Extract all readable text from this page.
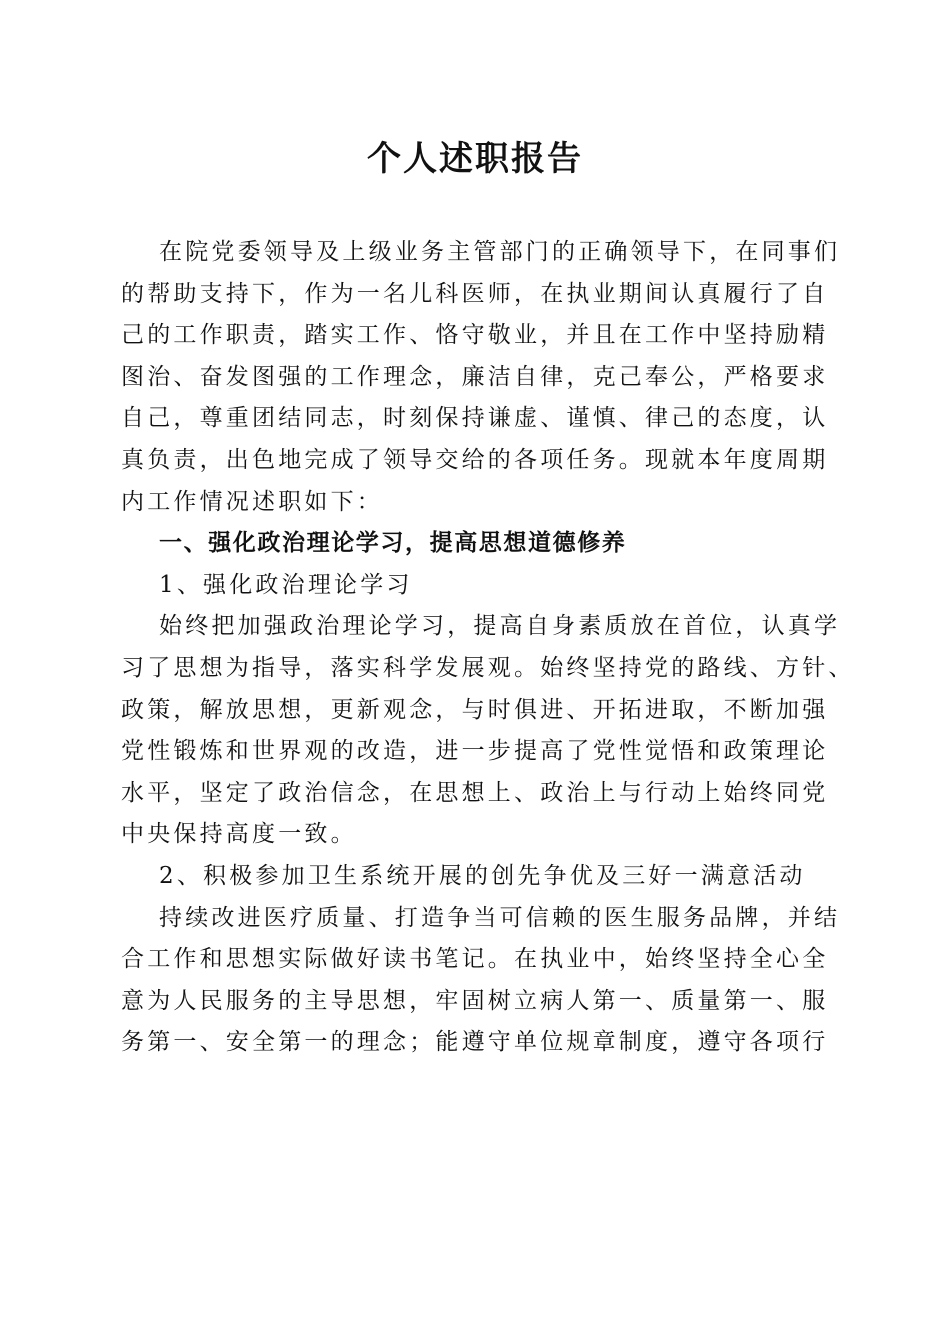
个人述职报告
在院党委领导及上级业务主管部门的正确领导下，在同事们
的帮助支持下，作为一名儿科医师，在执业期间认真履行了自
己的工作职责，踏实工作、恪守敬业，并且在工作中坚持励精
图治、奋发图强的工作理念，廉洁自律，克己奉公，严格要求
自己，尊重团结同志，时刻保持谦虚、谨慎、律己的态度，认
真负责，出色地完成了领导交给的各项任务。现就本年度周期
内工作情况述职如下：
一、强化政治理论学习，提高思想道德修养
1、强化政治理论学习
始终把加强政治理论学习，提高自身素质放在首位，认真学
习了思想为指导，落实科学发展观。始终坚持党的路线、方针、
政策，解放思想，更新观念，与时俱进、开拓进取，不断加强
党性锻炼和世界观的改造，进一步提高了党性觉悟和政策理论
水平，坚定了政治信念，在思想上、政治上与行动上始终同党
中央保持高度一致。
2、积极参加卫生系统开展的创先争优及三好一满意活动
持续改进医疗质量、打造争当可信赖的医生服务品牌，并结
合工作和思想实际做好读书笔记。在执业中，始终坚持全心全
意为人民服务的主导思想，牢固树立病人第一、质量第一、服
务第一、安全第一的理念；能遵守单位规章制度，遵守各项行
